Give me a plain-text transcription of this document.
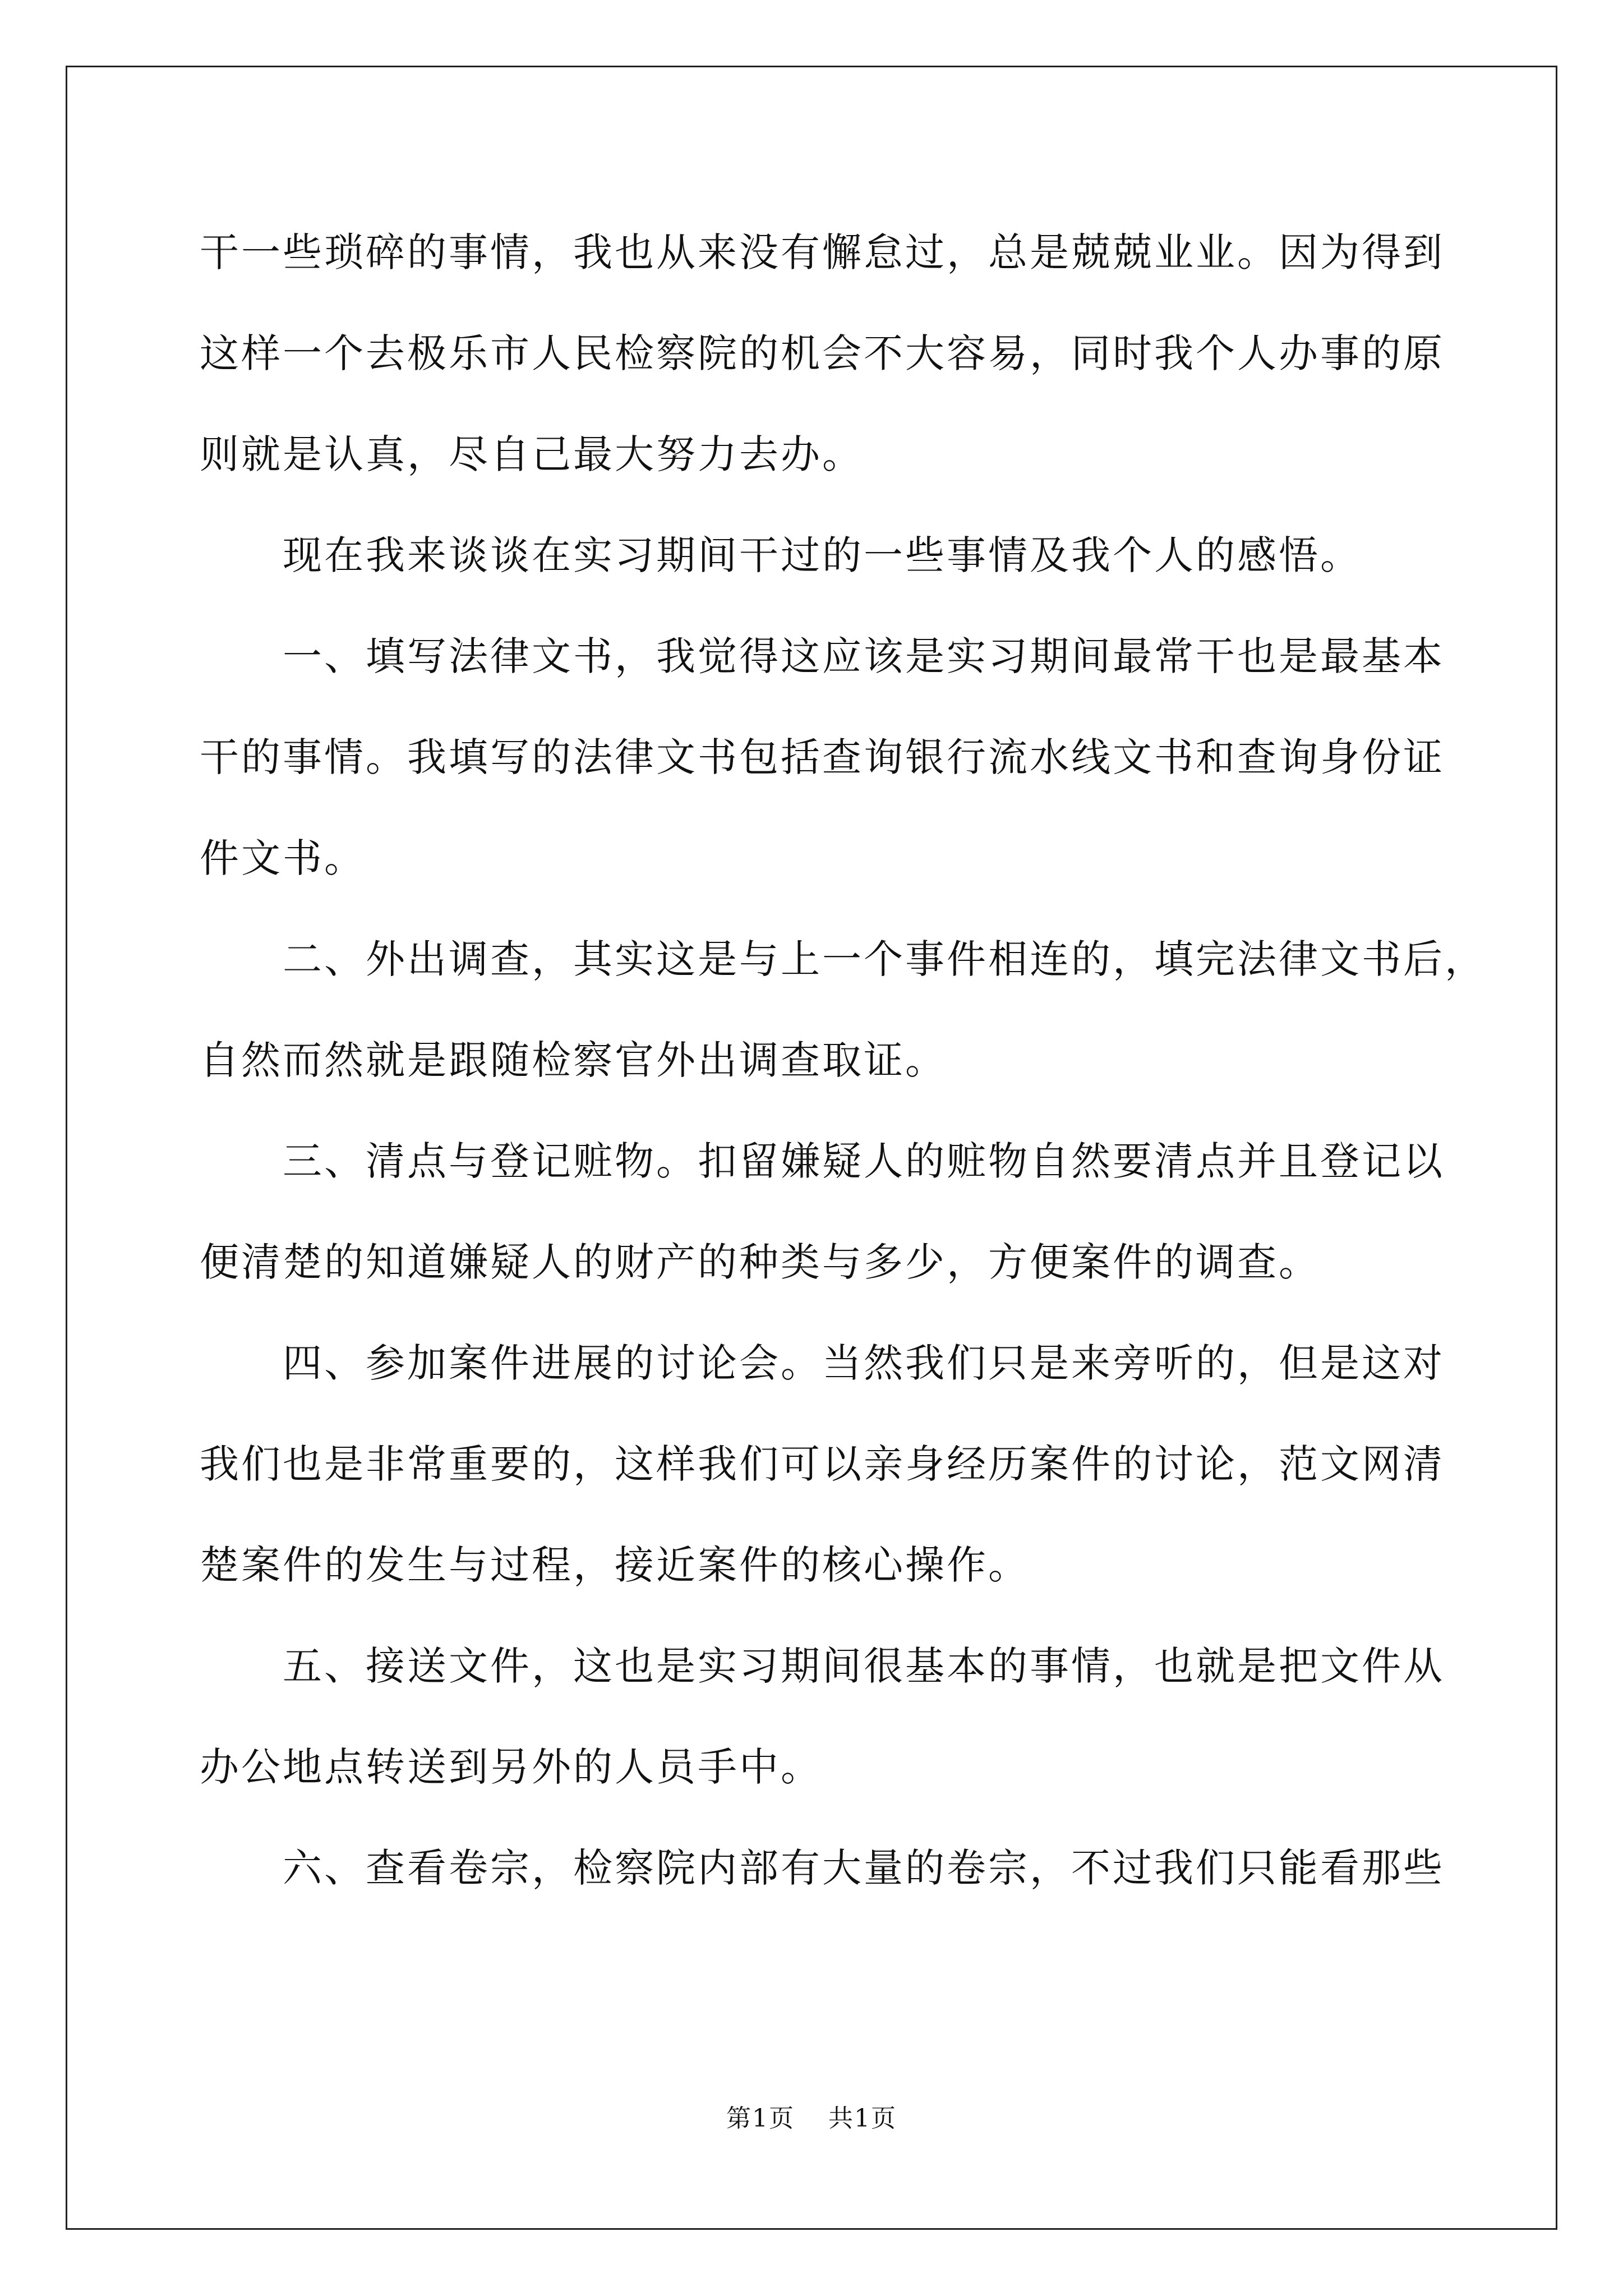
干一些琐碎的事情，我也从来没有懈怠过，总是兢兢业业。因为得到
这样一个去极乐市人民检察院的机会不大容易，同时我个人办事的原
则就是认真，尽自己最大努力去办。
现在我来谈谈在实习期间干过的一些事情及我个人的感悟。
一、填写法律文书，我觉得这应该是实习期间最常干也是最基本
干的事情。我填写的法律文书包括查询银行流水线文书和查询身份证
件文书。
二、外出调查，其实这是与上一个事件相连的，填完法律文书后，
自然而然就是跟随检察官外出调查取证。
三、清点与登记赃物。扣留嫌疑人的赃物自然要清点并且登记以
便清楚的知道嫌疑人的财产的种类与多少，方便案件的调查。
四、参加案件进展的讨论会。当然我们只是来旁听的，但是这对
我们也是非常重要的，这样我们可以亲身经历案件的讨论，范文网清
楚案件的发生与过程，接近案件的核心操作。
五、接送文件，这也是实习期间很基本的事情，也就是把文件从
办公地点转送到另外的人员手中。
六、查看卷宗，检察院内部有大量的卷宗，不过我们只能看那些
第1页 共1页
